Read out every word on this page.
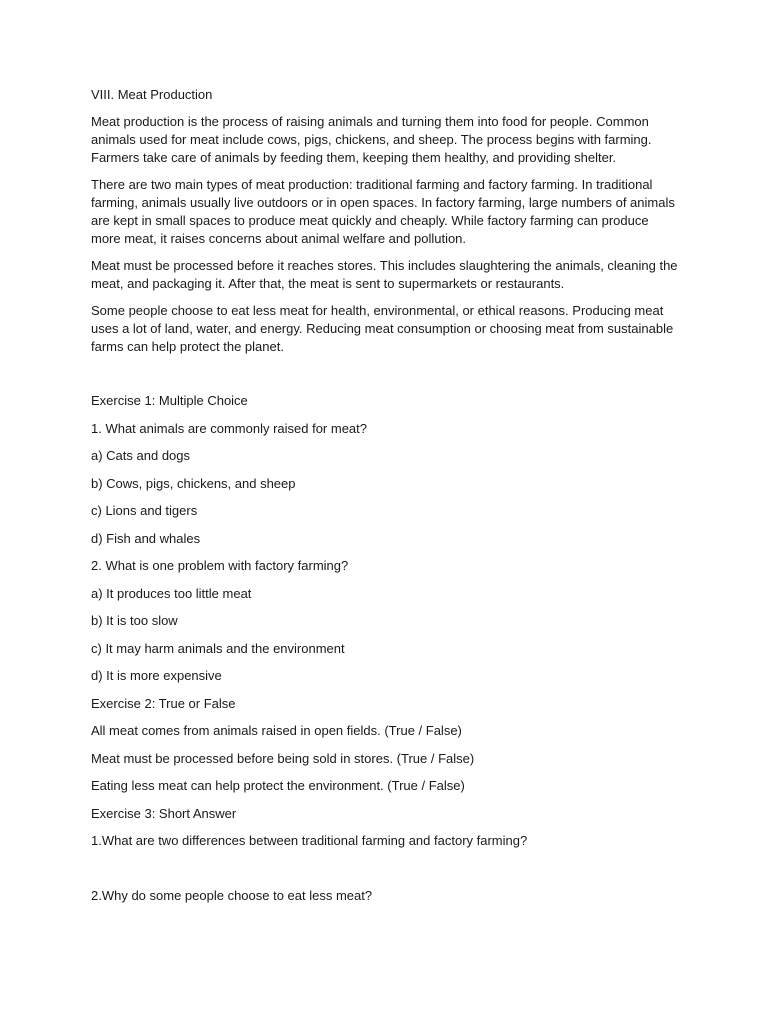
VIII. Meat Production

Meat production is the process of raising animals and turning them into food for people. Common animals used for meat include cows, pigs, chickens, and sheep. The process begins with farming. Farmers take care of animals by feeding them, keeping them healthy, and providing shelter.

There are two main types of meat production: traditional farming and factory farming. In traditional farming, animals usually live outdoors or in open spaces. In factory farming, large numbers of animals are kept in small spaces to produce meat quickly and cheaply. While factory farming can produce more meat, it raises concerns about animal welfare and pollution.

Meat must be processed before it reaches stores. This includes slaughtering the animals, cleaning the meat, and packaging it. After that, the meat is sent to supermarkets or restaurants.

Some people choose to eat less meat for health, environmental, or ethical reasons. Producing meat uses a lot of land, water, and energy. Reducing meat consumption or choosing meat from sustainable farms can help protect the planet.

Exercise 1: Multiple Choice
1. What animals are commonly raised for meat?
a) Cats and dogs
b) Cows, pigs, chickens, and sheep
c) Lions and tigers
d) Fish and whales
2. What is one problem with factory farming?
a) It produces too little meat
b) It is too slow
c) It may harm animals and the environment
d) It is more expensive
Exercise 2: True or False
All meat comes from animals raised in open fields. (True / False)
Meat must be processed before being sold in stores. (True / False)
Eating less meat can help protect the environment. (True / False)
Exercise 3: Short Answer
1.What are two differences between traditional farming and factory farming?
2.Why do some people choose to eat less meat?
